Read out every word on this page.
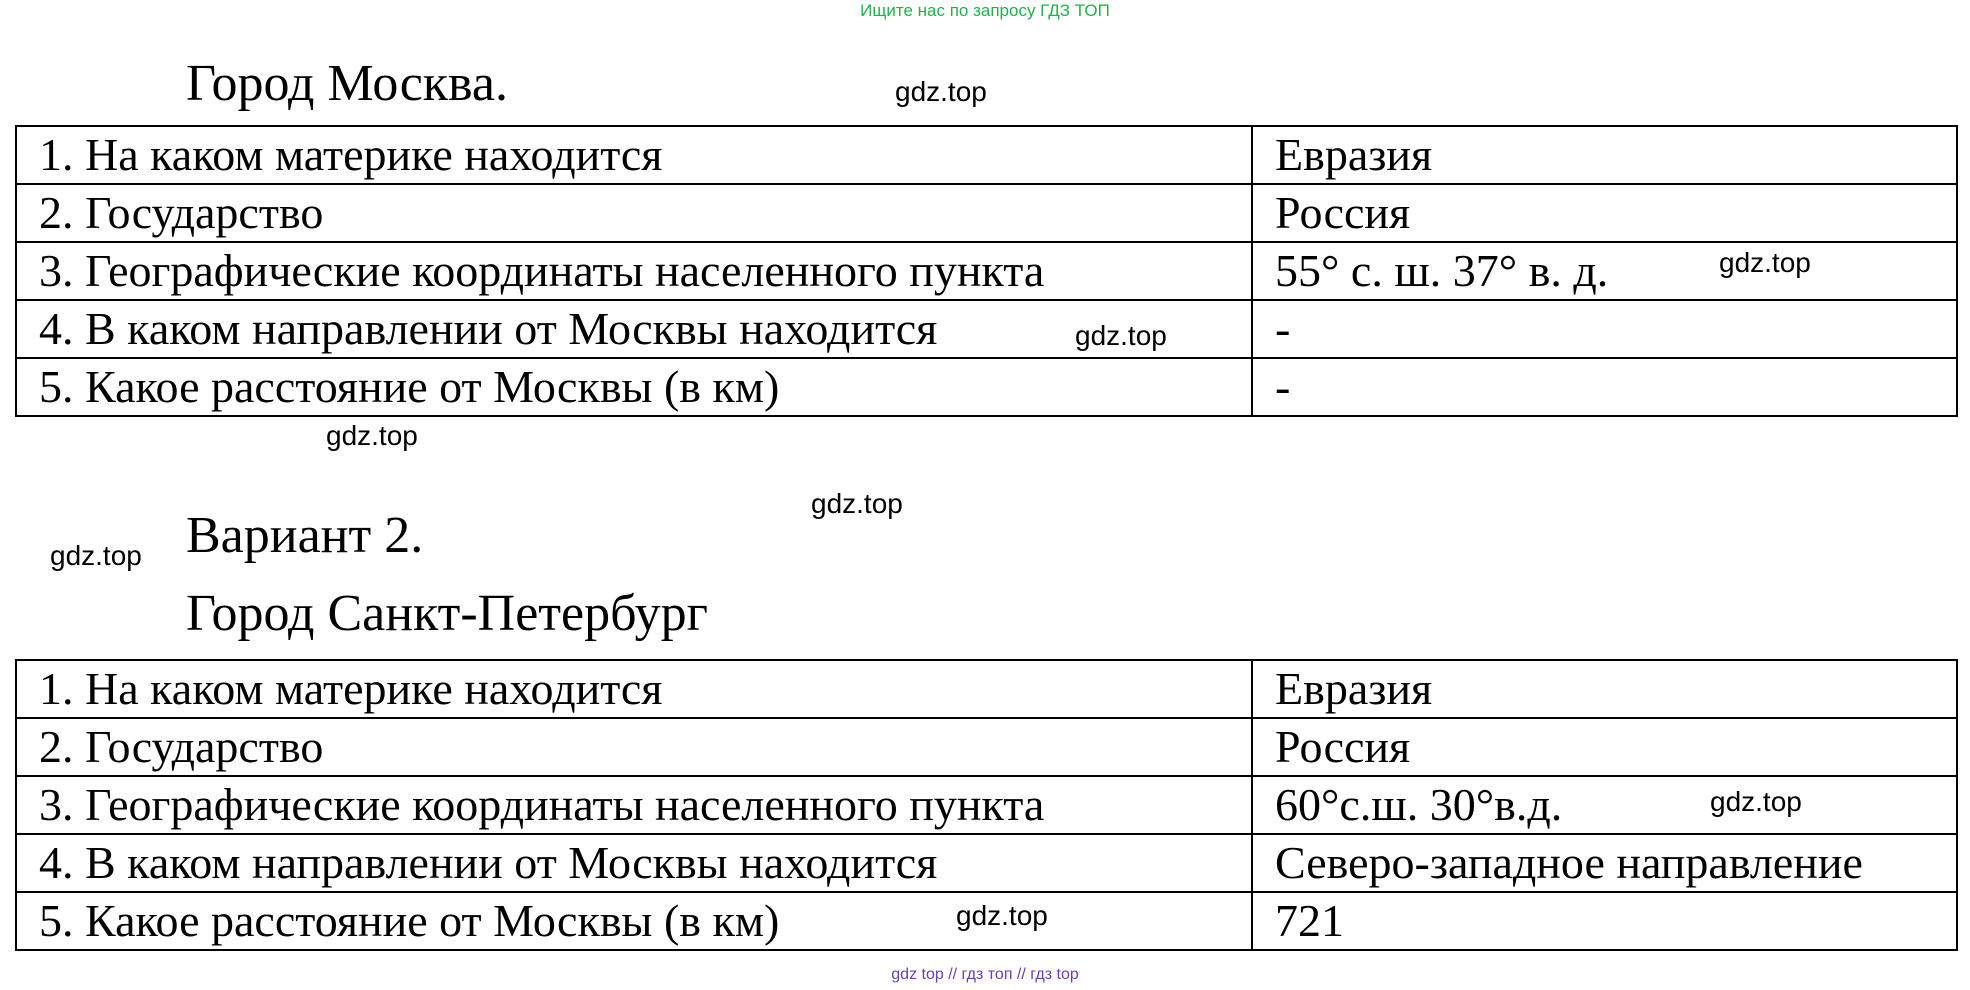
Ищите нас по запросу ГДЗ ТОП
Город Москва.
1. На каком материке находится	Евразия
2. Государство	Россия
3. Географические координаты населенного пункта	55° с. ш. 37° в. д.
4. В каком направлении от Москвы находится	-
5. Какое расстояние от Москвы (в км)	-
Вариант 2.
Город Санкт-Петербург
1. На каком материке находится	Евразия
2. Государство	Россия
3. Географические координаты населенного пункта	60°с.ш. 30°в.д.
4. В каком направлении от Москвы находится	Северо-западное направление
5. Какое расстояние от Москвы (в км)	721
gdz.top
gdz.top
gdz.top
gdz.top
gdz.top
gdz.top
gdz.top
gdz.top
gdz top // гдз топ // гдз top
